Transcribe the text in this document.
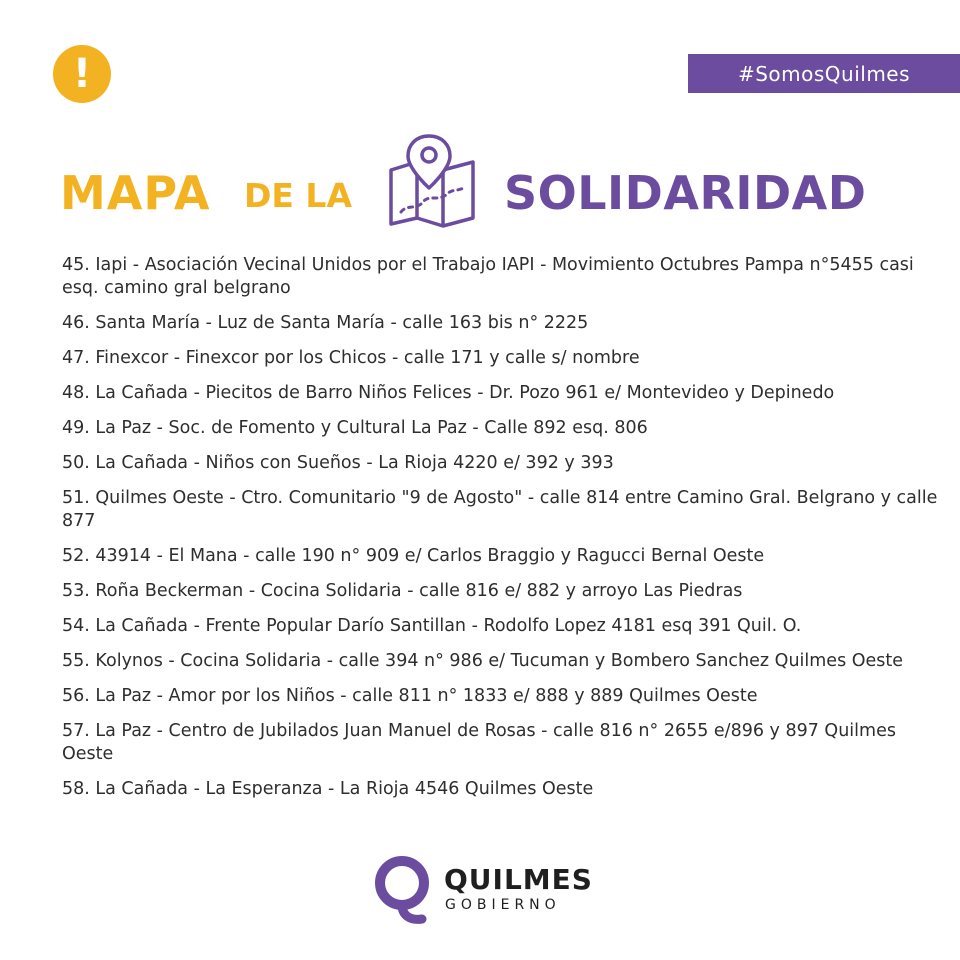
!	#SomosQuilmes
MAPA DE LA	SOLIDARIDAD
45. Iapi - Asociación Vecinal Unidos por el Trabajo IAPI - Movimiento Octubres Pampa n°5455 casi esq. camino gral belgrano
46. Santa María - Luz de Santa María - calle 163 bis n° 2225
47. Finexcor - Finexcor por los Chicos - calle 171 y calle s/ nombre
48. La Cañada - Piecitos de Barro Niños Felices - Dr. Pozo 961 e/ Montevideo y Depinedo
49. La Paz - Soc. de Fomento y Cultural La Paz - Calle 892 esq. 806
50. La Cañada - Niños con Sueños - La Rioja 4220 e/ 392 y 393
51. Quilmes Oeste - Ctro. Comunitario "9 de Agosto" - calle 814 entre Camino Gral. Belgrano y calle 877
52. 43914 - El Mana - calle 190 n° 909 e/ Carlos Braggio y Ragucci Bernal Oeste
53. Roña Beckerman - Cocina Solidaria - calle 816 e/ 882 y arroyo Las Piedras
54. La Cañada - Frente Popular Darío Santillan - Rodolfo Lopez 4181 esq 391 Quil. O.
55. Kolynos - Cocina Solidaria - calle 394 n° 986 e/ Tucuman y Bombero Sanchez Quilmes Oeste
56. La Paz - Amor por los Niños - calle 811 n° 1833 e/ 888 y 889 Quilmes Oeste
57. La Paz - Centro de Jubilados Juan Manuel de Rosas - calle 816 n° 2655 e/896 y 897 Quilmes Oeste
58. La Cañada - La Esperanza - La Rioja 4546 Quilmes Oeste
QUILMES
GOBIERNO
